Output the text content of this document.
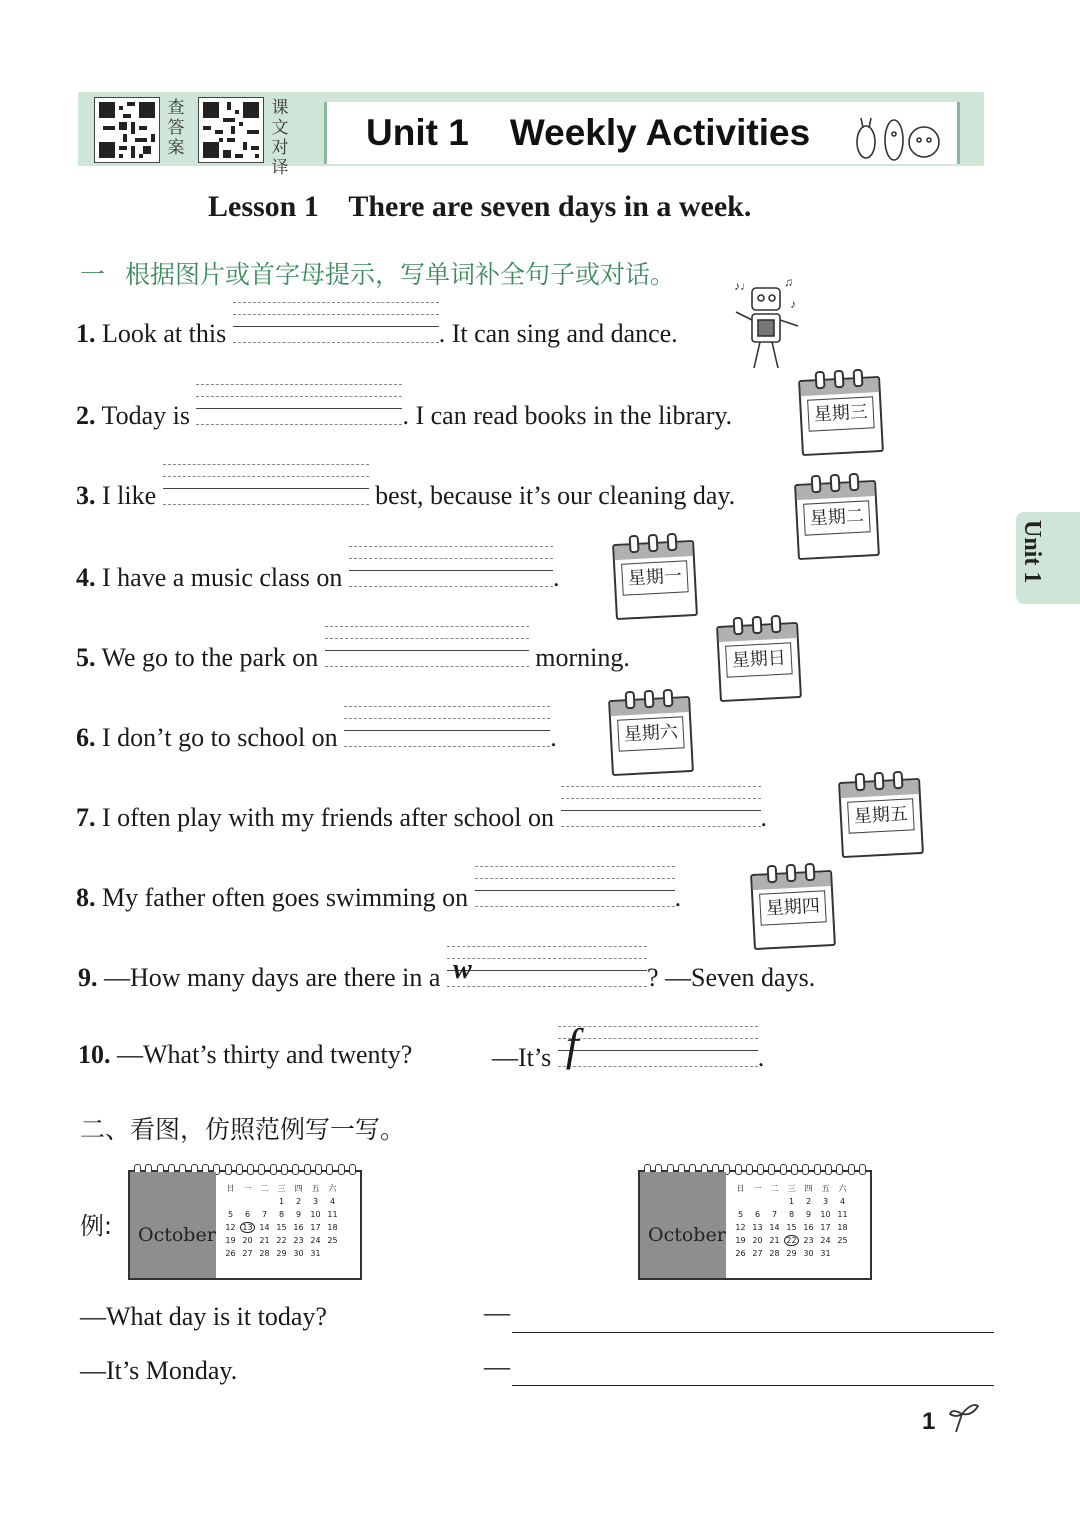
查答案
课文对译
Unit 1    Weekly Activities
Lesson 1    There are seven days in a week.
一 根据图片或首字母提示，写单词补全句子或对话。	♪♩	♫
♪
1. Look at this	. It can sing and dance.
2. Today is	. I can read books in the library.	星期三
3. I like	best, because it’s our cleaning day.
星期二
4. I have a music class on	.	星期一
5. We go to the park on	morning.	星期日
6. I don’t go to school on	.	星期六
7. I often play with my friends after school on	.	星期五
8. My father often goes swimming on	.	星期四
9. —How many days are there in a w	? —Seven days.
10. —What’s thirty and twenty?	—It’s f	.
二、看图，仿照范例写一写。
例: October
日	一	二	三	四	五	六
			1	2	3	4
5	6	7	8	9	10	11
12	13	14	15	16	17	18
19	20	21	22	23	24	25
26	27	28	29	30	31	
October
日	一	二	三	四	五	六
			1	2	3	4
5	6	7	8	9	10	11
12	13	14	15	16	17	18
19	20	21	22	23	24	25
26	27	28	29	30	31	
—What day is it today?
—It’s Monday.
—
—
Unit 1
1
